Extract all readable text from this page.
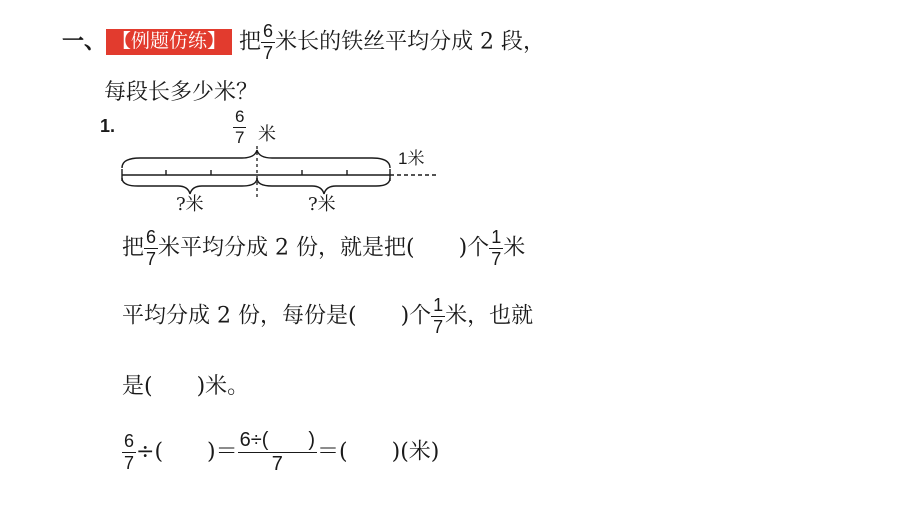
一、 【例题仿练】 把 $\frac{6}{7}$ 米长的铁丝平均分成 2 段，
每段长多少米？
1.	6
7 米
1米
?米	?米
把 $\frac{6}{7}$ 米平均分成 2 份，就是把(　　)个 $\frac{1}{7}$ 米
平均分成 2 份，每份是(　　)个 $\frac{1}{7}$ 米，也就
是(　　)米。
$\frac{6}{7}$ ÷(　　)＝ $\frac{6\div( )}{7}$ ＝(　　)(米)
